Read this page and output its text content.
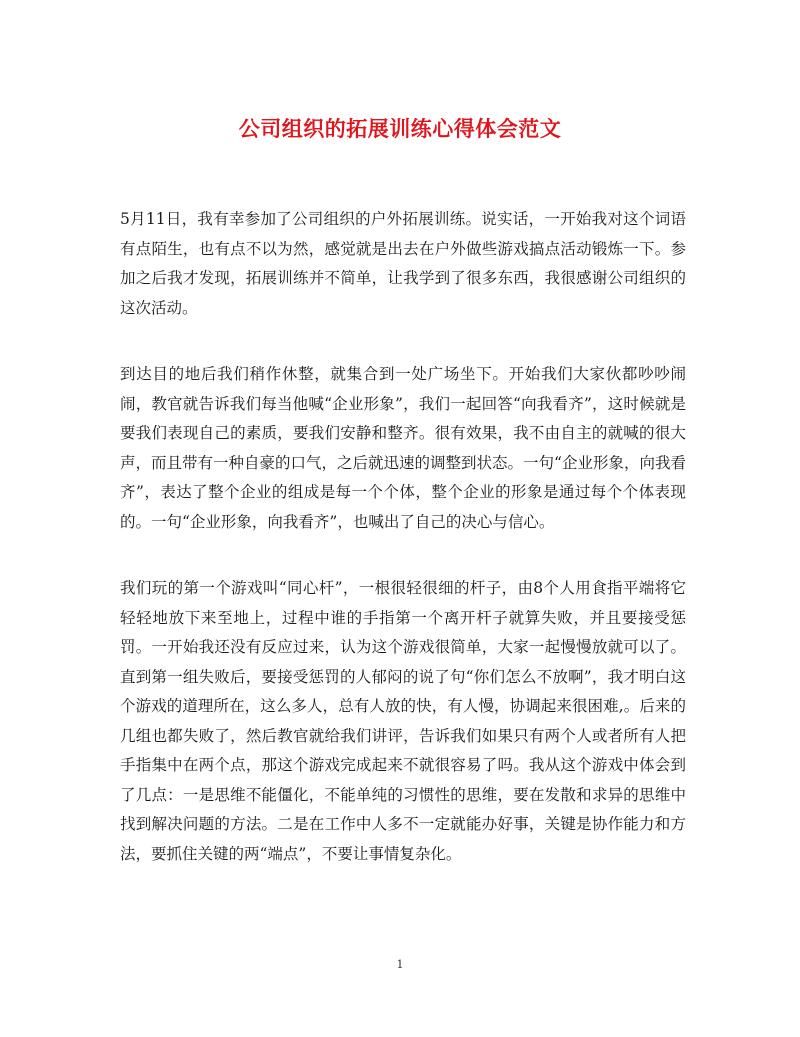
公司组织的拓展训练心得体会范文

5月11日，我有幸参加了公司组织的户外拓展训练。说实话，一开始我对这个词语有点陌生，也有点不以为然，感觉就是出去在户外做些游戏搞点活动锻炼一下。参加之后我才发现，拓展训练并不简单，让我学到了很多东西，我很感谢公司组织的这次活动。

到达目的地后我们稍作休整，就集合到一处广场坐下。开始我们大家伙都吵吵闹闹，教官就告诉我们每当他喊“企业形象”，我们一起回答“向我看齐”，这时候就是要我们表现自己的素质，要我们安静和整齐。很有效果，我不由自主的就喊的很大声，而且带有一种自豪的口气，之后就迅速的调整到状态。一句“企业形象，向我看齐”，表达了整个企业的组成是每一个个体，整个企业的形象是通过每个个体表现的。一句“企业形象，向我看齐”，也喊出了自己的决心与信心。

我们玩的第一个游戏叫“同心杆”，一根很轻很细的杆子，由8个人用食指平端将它轻轻地放下来至地上，过程中谁的手指第一个离开杆子就算失败，并且要接受惩罚。一开始我还没有反应过来，认为这个游戏很简单，大家一起慢慢放就可以了。直到第一组失败后，要接受惩罚的人郁闷的说了句“你们怎么不放啊”，我才明白这个游戏的道理所在，这么多人，总有人放的快，有人慢，协调起来很困难,。后来的几组也都失败了，然后教官就给我们讲评，告诉我们如果只有两个人或者所有人把手指集中在两个点，那这个游戏完成起来不就很容易了吗。我从这个游戏中体会到了几点：一是思维不能僵化，不能单纯的习惯性的思维，要在发散和求异的思维中找到解决问题的方法。二是在工作中人多不一定就能办好事，关键是协作能力和方法，要抓住关键的两“端点”，不要让事情复杂化。

1
